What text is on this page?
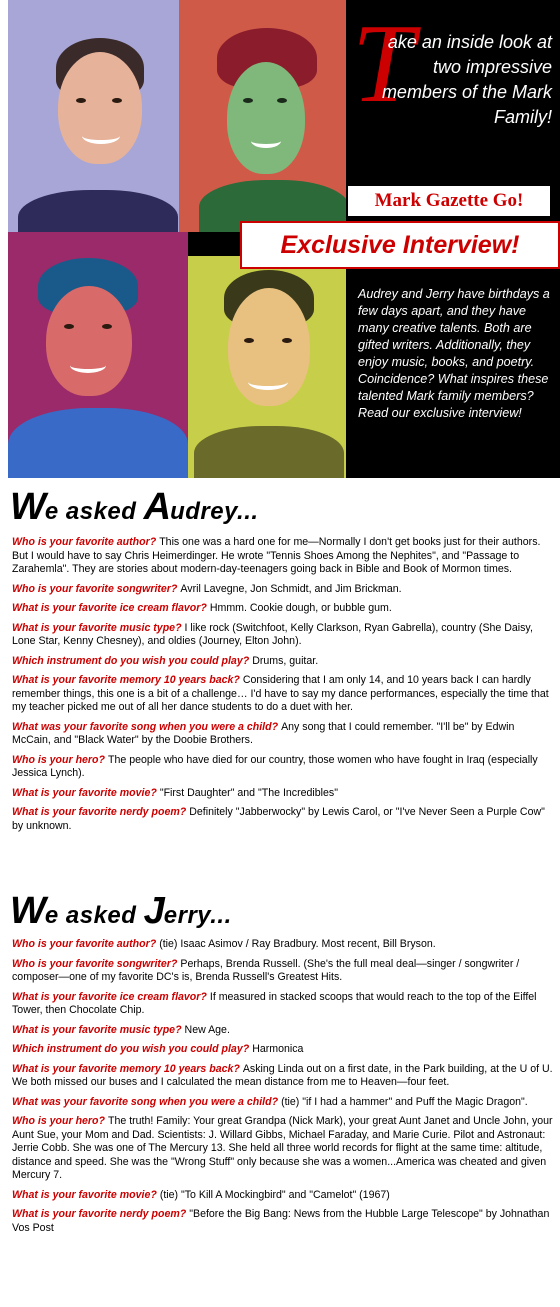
T
ake an inside look at two impressive members of the Mark Family!
Audrey and Jerry have birthdays a few days apart, and they have many creative talents. Both are gifted writers. Additionally, they enjoy music, books, and poetry. Coincidence? What inspires these talented Mark family members? Read our exclusive interview!
Mark Gazette Go!
Exclusive Interview!
We asked Audrey...

Who is your favorite author? This one was a hard one for me—Normally I don't get books just for their authors. But I would have to say Chris Heimerdinger. He wrote "Tennis Shoes Among the Nephites", and "Passage to Zarahemla". They are stories about modern-day-teenagers going back in Bible and Book of Mormon times.

Who is your favorite songwriter? Avril Lavegne, Jon Schmidt, and Jim Brickman.

What is your favorite ice cream flavor? Hmmm. Cookie dough, or bubble gum.

What is your favorite music type? I like rock (Switchfoot, Kelly Clarkson, Ryan Gabrella), country (She Daisy, Lone Star, Kenny Chesney), and oldies (Journey, Elton John).

Which instrument do you wish you could play? Drums, guitar.

What is your favorite memory 10 years back? Considering that I am only 14, and 10 years back I can hardly remember things, this one is a bit of a challenge… I'd have to say my dance performances, especially the time that my teacher picked me out of all her dance students to do a duet with her.

What was your favorite song when you were a child? Any song that I could remember. "I'll be" by Edwin McCain, and "Black Water" by the Doobie Brothers.

Who is your hero? The people who have died for our country, those women who have fought in Iraq (especially Jessica Lynch).

What is your favorite movie? "First Daughter" and "The Incredibles"

What is your favorite nerdy poem? Definitely "Jabberwocky" by Lewis Carol, or "I've Never Seen a Purple Cow" by unknown.

We asked Jerry...

Who is your favorite author? (tie) Isaac Asimov / Ray Bradbury. Most recent, Bill Bryson.

Who is your favorite songwriter? Perhaps, Brenda Russell. (She's the full meal deal—singer / songwriter / composer—one of my favorite DC's is, Brenda Russell's Greatest Hits.

What is your favorite ice cream flavor? If measured in stacked scoops that would reach to the top of the Eiffel Tower, then Chocolate Chip.

What is your favorite music type? New Age.

Which instrument do you wish you could play? Harmonica

What is your favorite memory 10 years back? Asking Linda out on a first date, in the Park building, at the U of U. We both missed our buses and I calculated the mean distance from me to Heaven—four feet.

What was your favorite song when you were a child? (tie) "if I had a hammer" and Puff the Magic Dragon".

Who is your hero? The truth! Family: Your great Grandpa (Nick Mark), your great Aunt Janet and Uncle John, your Aunt Sue, your Mom and Dad. Scientists: J. Willard Gibbs, Michael Faraday, and Marie Curie. Pilot and Astronaut: Jerrie Cobb. She was one of The Mercury 13. She held all three world records for flight at the same time: altitude, distance and speed. She was the "Wrong Stuff" only because she was a women...America was cheated and given Mercury 7.

What is your favorite movie? (tie) "To Kill A Mockingbird" and "Camelot" (1967)

What is your favorite nerdy poem? "Before the Big Bang: News from the Hubble Large Telescope" by Johnathan Vos Post
